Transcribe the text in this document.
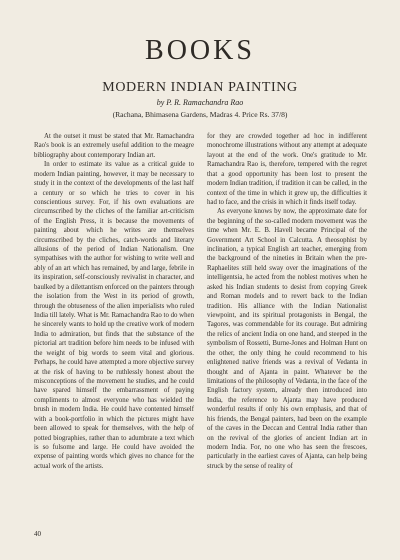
BOOKS
MODERN INDIAN PAINTING

by P. R. Ramachandra Rao

(Rachana, Bhimasena Gardens, Madras 4. Price Rs. 37/8)

At the outset it must be stated that Mr. Ramachandra Rao's book is an extremely useful addition to the meagre bibliography about contemporary Indian art.

In order to estimate its value as a critical guide to modern Indian painting, however, it may be necessary to study it in the context of the developments of the last half a century or so which he tries to cover in his conscientious survey. For, if his own evaluations are circumscribed by the cliches of the familiar art-criticism of the English Press, it is because the movements of painting about which he writes are themselves circumscribed by the cliches, catch-words and literary allusions of the period of Indian Nationalism. One sympathises with the author for wishing to write well and ably of an art which has remained, by and large, febrile in its inspiration, self-consciously revivalist in character, and baulked by a dilettantism enforced on the painters through the isolation from the West in its period of growth, through the obtuseness of the alien imperialists who ruled India till lately. What is Mr. Ramachandra Rao to do when he sincerely wants to hold up the creative work of modern India to admiration, but finds that the substance of the pictorial art tradition before him needs to be infused with the weight of big words to seem vital and glorious. Perhaps, he could have attempted a more objective survey at the risk of having to be ruthlessly honest about the misconceptions of the movement he studies, and he could have spared himself the embarrassment of paying compliments to almost everyone who has wielded the brush in modern India. He could have contented himself with a book-portfolio in which the pictures might have been allowed to speak for themselves, with the help of potted biographies, rather than to adumbrate a text which is so fulsome and large. He could have avoided the expense of painting words which gives no chance for the actual work of the artists.

for they are crowded together ad hoc in indifferent monochrome illustrations without any attempt at adequate layout at the end of the work. One's gratitude to Mr. Ramachandra Rao is, therefore, tempered with the regret that a good opportunity has been lost to present the modern Indian tradition, if tradition it can be called, in the context of the time in which it grew up, the difficulties it had to face, and the crisis in which it finds itself today.

As everyone knows by now, the approximate date for the beginning of the so-called modern movement was the time when Mr. E. B. Havell became Principal of the Government Art School in Calcutta. A theosophist by inclination, a typical English art teacher, emerging from the background of the nineties in Britain when the pre-Raphaelites still held sway over the imaginations of the intelligentsia, he acted from the noblest motives when he asked his Indian students to desist from copying Greek and Roman models and to revert back to the Indian tradition. His alliance with the Indian Nationalist viewpoint, and its spiritual protagonists in Bengal, the Tagores, was commendable for its courage. But admiring the relics of ancient India on one hand, and steeped in the symbolism of Rossetti, Burne-Jones and Holman Hunt on the other, the only thing he could recommend to his enlightened native friends was a revival of Vedanta in thought and of Ajanta in paint. Whatever be the limitations of the philosophy of Vedanta, in the face of the English factory system, already then introduced into India, the reference to Ajanta may have produced wonderful results if only his own emphasis, and that of his friends, the Bengal painters, had been on the example of the caves in the Deccan and Central India rather than on the revival of the glories of ancient Indian art in modern India. For, no one who has seen the frescoes, particularly in the earliest caves of Ajanta, can help being struck by the sense of reality of

40
